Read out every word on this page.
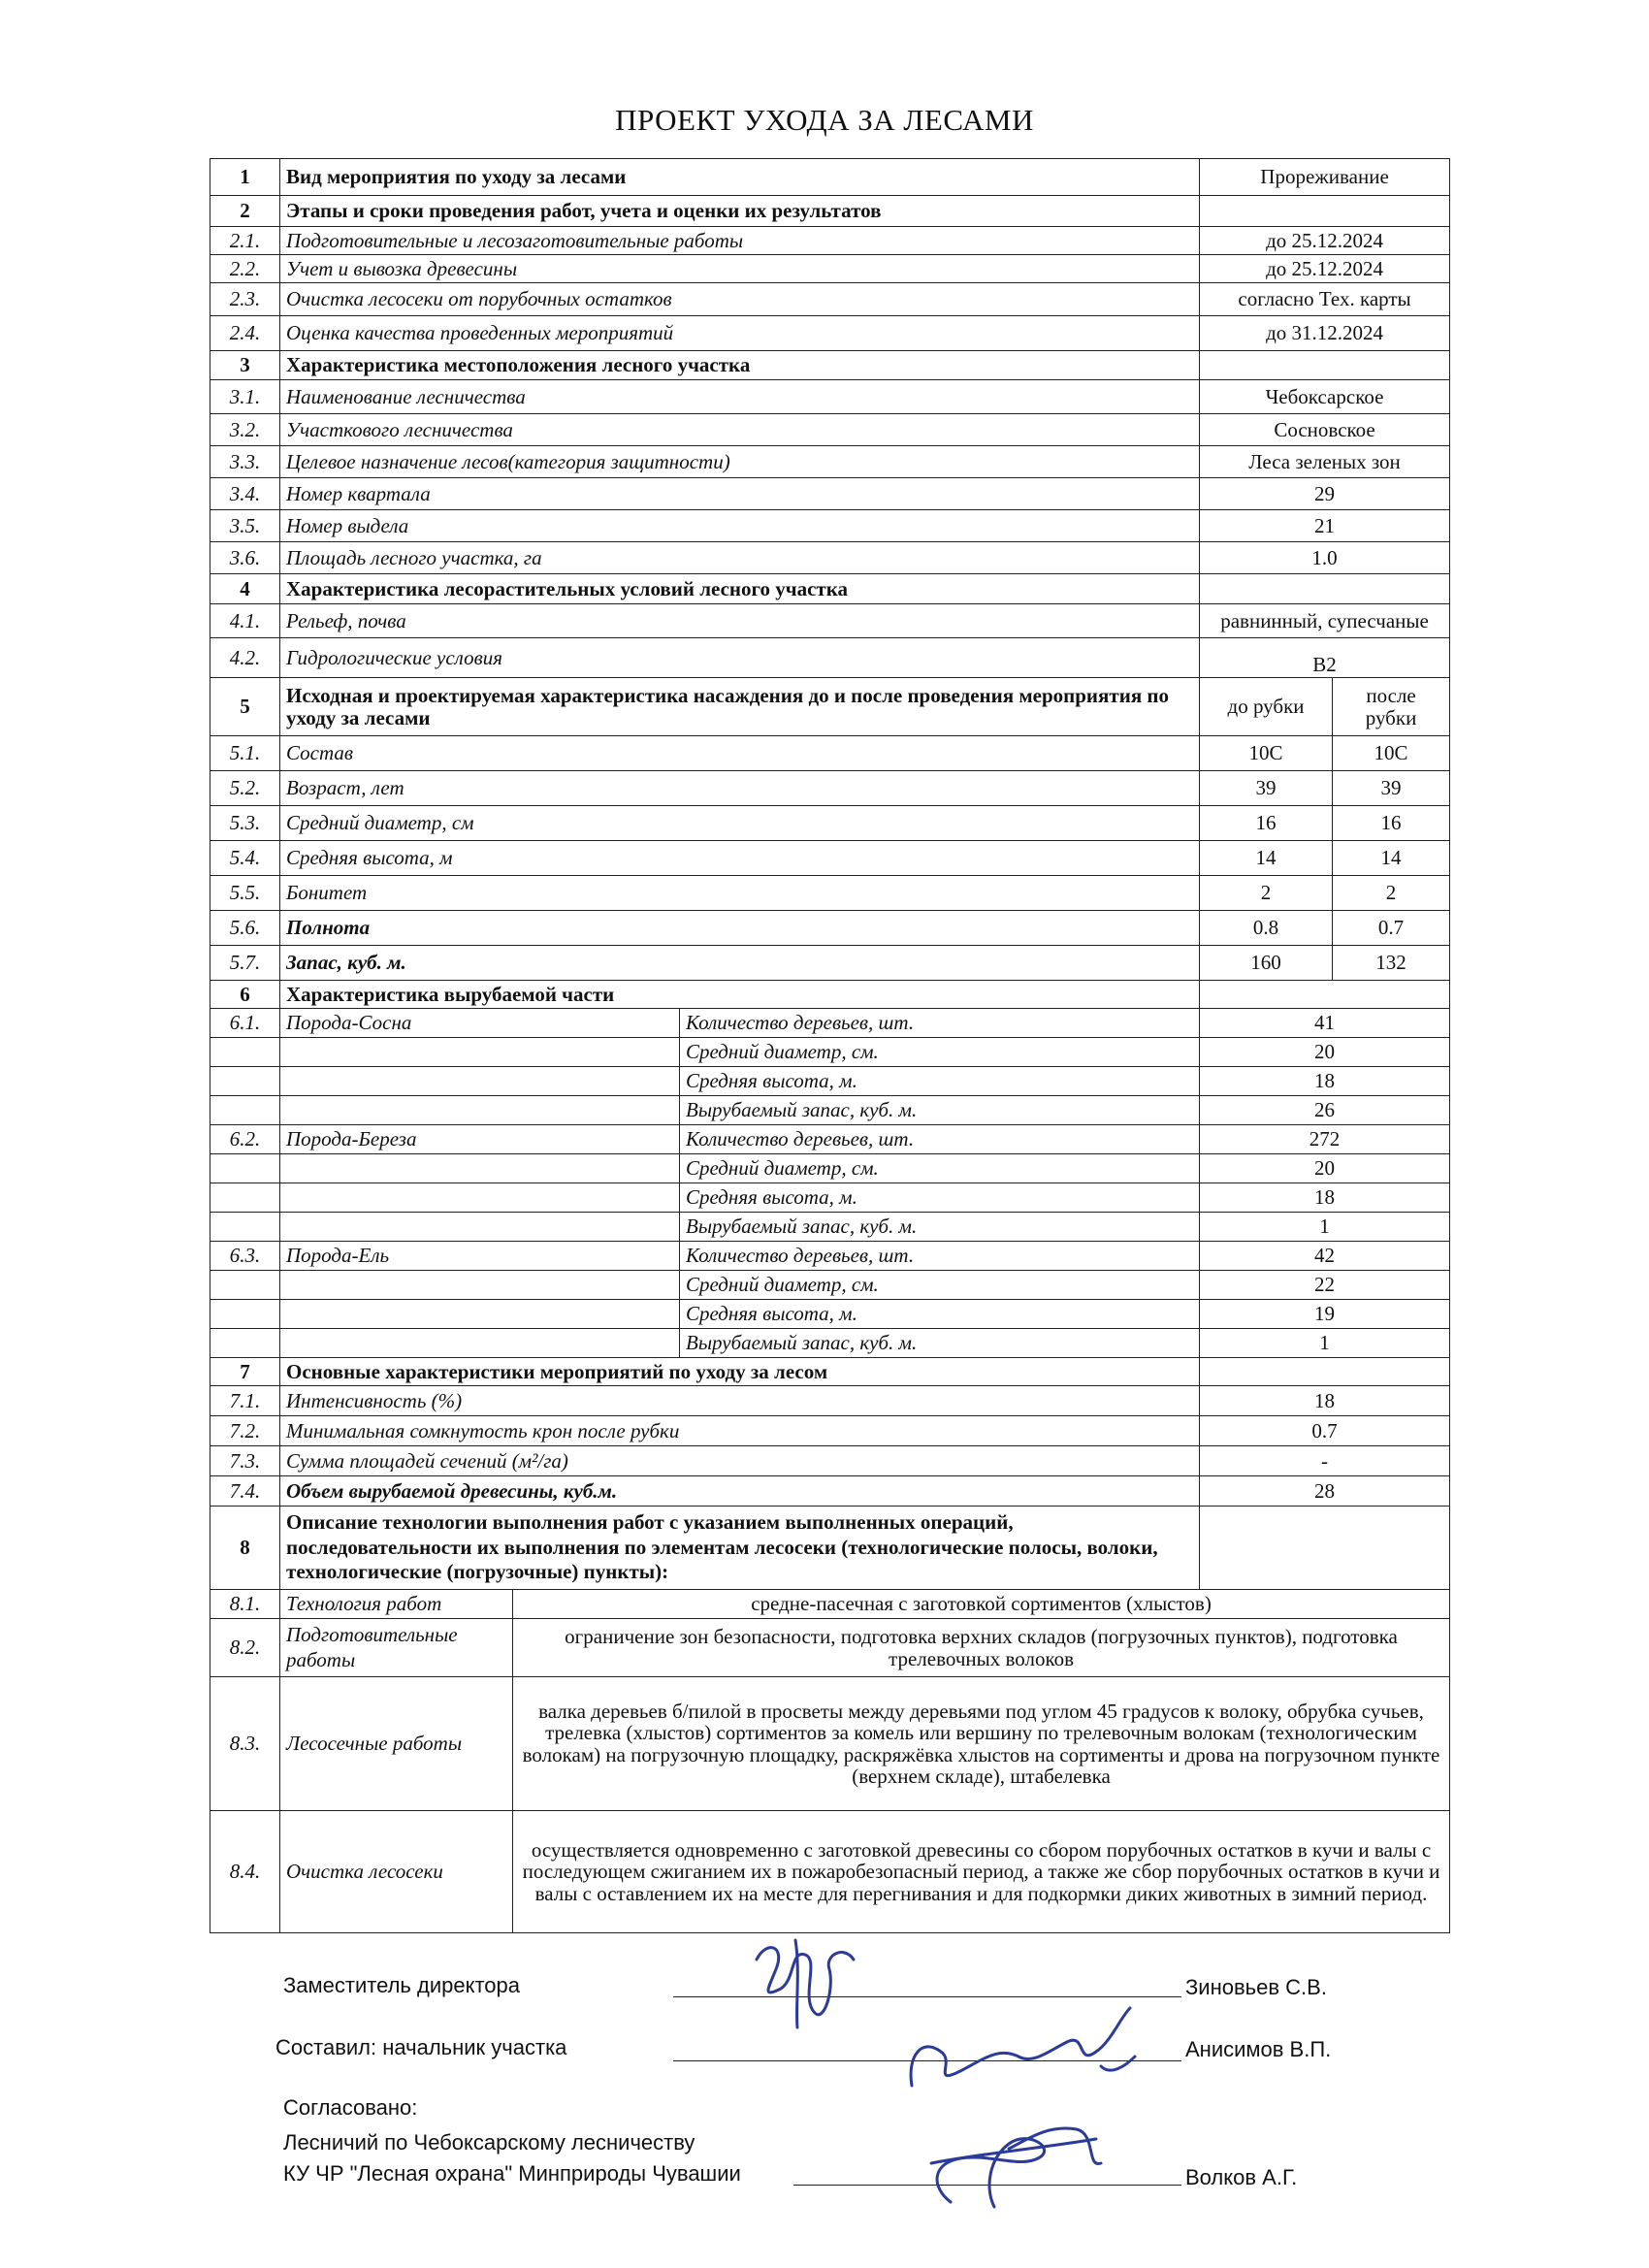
ПРОЕКТ УХОДА ЗА ЛЕСАМИ
1	Вид мероприятия по уходу за лесами			Прореживание	
2	Этапы и сроки проведения работ, учета и оценки их результатов				
2.1.	Подготовительные и лесозаготовительные работы			до 25.12.2024	
2.2.	Учет и вывозка древесины			до 25.12.2024	
2.3.	Очистка лесосеки от порубочных остатков			согласно Тех. карты	
2.4.	Оценка качества проведенных мероприятий			до 31.12.2024	
3	Характеристика местоположения лесного участка				
3.1.	Наименование лесничества			Чебоксарское	
3.2.	Участкового лесничества			Сосновское	
3.3.	Целевое назначение лесов(категория защитности)			Леса зеленых зон	
3.4.	Номер квартала			29	
3.5.	Номер выдела			21	
3.6.	Площадь лесного участка, га			1.0	
4	Характеристика лесорастительных условий лесного участка				
4.1.	Рельеф, почва			равнинный, супесчаные	
4.2.	Гидрологические условия			В2	
5	Исходная и проектируемая характеристика насаждения до и после проведения мероприятия по уходу за лесами			до рубки	после рубки
5.1.	Состав			10С	10С
5.2.	Возраст, лет			39	39
5.3.	Средний диаметр, см			16	16
5.4.	Средняя высота, м			14	14
5.5.	Бонитет			2	2
5.6.	Полнота			0.8	0.7
5.7.	Запас, куб. м.			160	132
6	Характеристика вырубаемой части				
6.1.	Порода-Сосна		Количество деревьев, шт.	41	
			Средний диаметр, см.	20	
			Средняя высота, м.	18	
			Вырубаемый запас, куб. м.	26	
6.2.	Порода-Береза		Количество деревьев, шт.	272	
			Средний диаметр, см.	20	
			Средняя высота, м.	18	
			Вырубаемый запас, куб. м.	1	
6.3.	Порода-Ель		Количество деревьев, шт.	42	
			Средний диаметр, см.	22	
			Средняя высота, м.	19	
			Вырубаемый запас, куб. м.	1	
7	Основные характеристики мероприятий по уходу за лесом				
7.1.	Интенсивность (%)			18	
7.2.	Минимальная сомкнутость крон после рубки			0.7	
7.3.	Сумма площадей сечений (м²/га)			-	
7.4.	Объем вырубаемой древесины, куб.м.			28	
8	Описание технологии выполнения работ с указанием выполненных операций, последовательности их выполнения по элементам лесосеки (технологические полосы, волоки, технологические (погрузочные) пункты):				
8.1.	Технология работ	средне-пасечная с заготовкой сортиментов (хлыстов)			
8.2.	Подготовительные работы	ограничение зон безопасности, подготовка верхних складов (погрузочных пунктов), подготовка трелевочных волоков			
8.3.	Лесосечные работы	валка деревьев б/пилой в просветы между деревьями под углом 45 градусов к волоку, обрубка сучьев, трелевка (хлыстов) сортиментов за комель или вершину по трелевочным волокам (технологическим волокам) на погрузочную площадку, раскряжёвка хлыстов на сортименты и дрова на погрузочном пункте (верхнем складе), штабелевка			
8.4.	Очистка лесосеки	осуществляется одновременно с заготовкой древесины со сбором порубочных остатков в кучи и валы с последующем сжиганием их в пожаробезопасный период, а также же сбор порубочных остатков в кучи и валы с оставлением их на месте для перегнивания и для подкормки диких животных в зимний период.			
Заместитель директора	Зиновьев С.В.
Составил: начальник участка	Анисимов В.П.
Согласовано:
Лесничий по Чебоксарскому лесничеству
КУ ЧР "Лесная охрана" Минприроды Чувашии	Волков А.Г.
